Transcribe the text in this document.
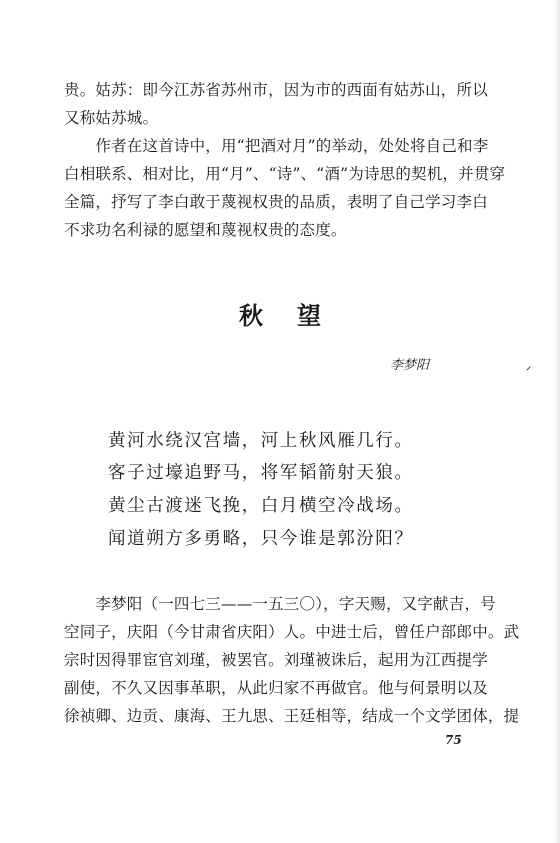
贵。姑苏：即今江苏省苏州市，因为市的西面有姑苏山，所以
又称姑苏城。
　　作者在这首诗中，用“把酒对月”的举动，处处将自己和李
白相联系、相对比，用“月”、“诗”、“酒”为诗思的契机，并贯穿
全篇，抒写了李白敢于蔑视权贵的品质，表明了自己学习李白
不求功名利禄的愿望和蔑视权贵的态度。
秋望
李梦阳
黄河水绕汉宫墙，河上秋风雁几行。
客子过壕追野马，将军韬箭射天狼。
黄尘古渡迷飞挽，白月横空冷战场。
闻道朔方多勇略，只今谁是郭汾阳？
　　李梦阳（一四七三——一五三〇），字天赐，又字献吉，号
空同子，庆阳（今甘肃省庆阳）人。中进士后，曾任户部郎中。武
宗时因得罪宦官刘瑾，被罢官。刘瑾被诛后，起用为江西提学
副使，不久又因事革职，从此归家不再做官。他与何景明以及
徐祯卿、边贡、康海、王九思、王廷相等，结成一个文学团体，提
75
